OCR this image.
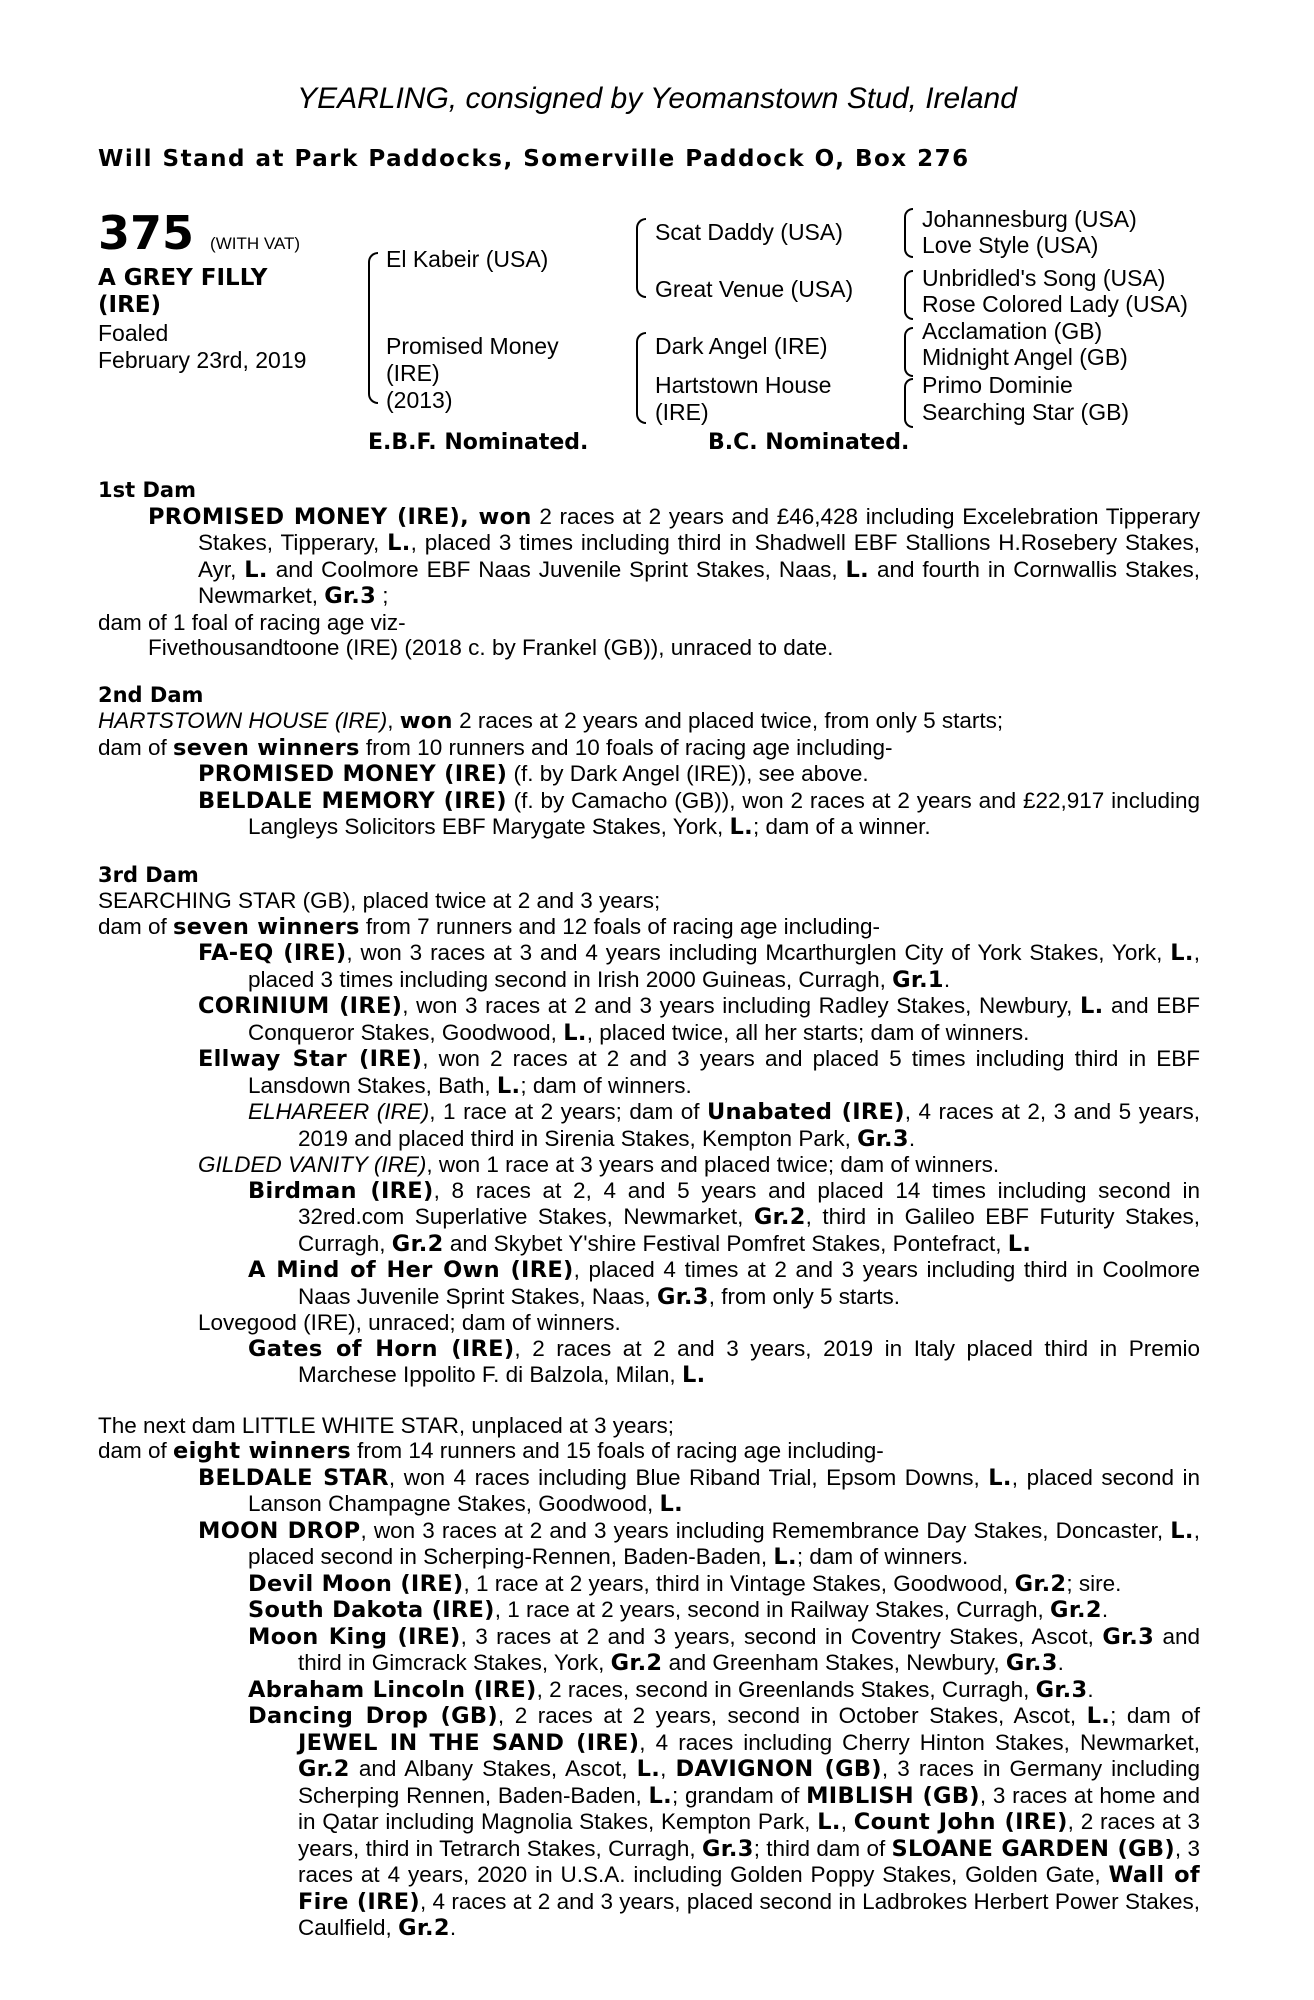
YEARLING, consigned by Yeomanstown Stud, Ireland
Will Stand at Park Paddocks, Somerville Paddock O, Box 276
375 (WITH VAT)
A GREY FILLY
(IRE)
Foaled
February 23rd, 2019
El Kabeir (USA)
Promised Money
(IRE)
(2013)
Scat Daddy (USA)
Great Venue (USA)
Dark Angel (IRE)
Hartstown House
(IRE)
Johannesburg (USA)
Love Style (USA)
Unbridled's Song (USA)
Rose Colored Lady (USA)
Acclamation (GB)
Midnight Angel (GB)
Primo Dominie
Searching Star (GB)
E.B.F. Nominated.	B.C. Nominated.
1st Dam
PROMISED MONEY (IRE), won 2 races at 2 years and £46,428 including Excelebration Tipperary Stakes, Tipperary, L., placed 3 times including third in Shadwell EBF Stallions H.Rosebery Stakes, Ayr, L. and Coolmore EBF Naas Juvenile Sprint Stakes, Naas, L. and fourth in Cornwallis Stakes, Newmarket, Gr.3 ;
dam of 1 foal of racing age viz-
Fivethousandtoone (IRE) (2018 c. by Frankel (GB)), unraced to date.
2nd Dam
HARTSTOWN HOUSE (IRE), won 2 races at 2 years and placed twice, from only 5 starts;
dam of seven winners from 10 runners and 10 foals of racing age including-
PROMISED MONEY (IRE) (f. by Dark Angel (IRE)), see above.
BELDALE MEMORY (IRE) (f. by Camacho (GB)), won 2 races at 2 years and £22,917 including Langleys Solicitors EBF Marygate Stakes, York, L.; dam of a winner.
3rd Dam
SEARCHING STAR (GB), placed twice at 2 and 3 years;
dam of seven winners from 7 runners and 12 foals of racing age including-
FA-EQ (IRE), won 3 races at 3 and 4 years including Mcarthurglen City of York Stakes, York, L., placed 3 times including second in Irish 2000 Guineas, Curragh, Gr.1.
CORINIUM (IRE), won 3 races at 2 and 3 years including Radley Stakes, Newbury, L. and EBF Conqueror Stakes, Goodwood, L., placed twice, all her starts; dam of winners.
Ellway Star (IRE), won 2 races at 2 and 3 years and placed 5 times including third in EBF Lansdown Stakes, Bath, L.; dam of winners.
ELHAREER (IRE), 1 race at 2 years; dam of Unabated (IRE), 4 races at 2, 3 and 5 years, 2019 and placed third in Sirenia Stakes, Kempton Park, Gr.3.
GILDED VANITY (IRE), won 1 race at 3 years and placed twice; dam of winners.
Birdman (IRE), 8 races at 2, 4 and 5 years and placed 14 times including second in 32red.com Superlative Stakes, Newmarket, Gr.2, third in Galileo EBF Futurity Stakes, Curragh, Gr.2 and Skybet Y'shire Festival Pomfret Stakes, Pontefract, L.
A Mind of Her Own (IRE), placed 4 times at 2 and 3 years including third in Coolmore Naas Juvenile Sprint Stakes, Naas, Gr.3, from only 5 starts.
Lovegood (IRE), unraced; dam of winners.
Gates of Horn (IRE), 2 races at 2 and 3 years, 2019 in Italy placed third in Premio Marchese Ippolito F. di Balzola, Milan, L.
The next dam LITTLE WHITE STAR, unplaced at 3 years;
dam of eight winners from 14 runners and 15 foals of racing age including-
BELDALE STAR, won 4 races including Blue Riband Trial, Epsom Downs, L., placed second in Lanson Champagne Stakes, Goodwood, L.
MOON DROP, won 3 races at 2 and 3 years including Remembrance Day Stakes, Doncaster, L., placed second in Scherping-Rennen, Baden-Baden, L.; dam of winners.
Devil Moon (IRE), 1 race at 2 years, third in Vintage Stakes, Goodwood, Gr.2; sire.
South Dakota (IRE), 1 race at 2 years, second in Railway Stakes, Curragh, Gr.2.
Moon King (IRE), 3 races at 2 and 3 years, second in Coventry Stakes, Ascot, Gr.3 and third in Gimcrack Stakes, York, Gr.2 and Greenham Stakes, Newbury, Gr.3.
Abraham Lincoln (IRE), 2 races, second in Greenlands Stakes, Curragh, Gr.3.
Dancing Drop (GB), 2 races at 2 years, second in October Stakes, Ascot, L.; dam of JEWEL IN THE SAND (IRE), 4 races including Cherry Hinton Stakes, Newmarket, Gr.2 and Albany Stakes, Ascot, L., DAVIGNON (GB), 3 races in Germany including Scherping Rennen, Baden-Baden, L.; grandam of MIBLISH (GB), 3 races at home and in Qatar including Magnolia Stakes, Kempton Park, L., Count John (IRE), 2 races at 3 years, third in Tetrarch Stakes, Curragh, Gr.3; third dam of SLOANE GARDEN (GB), 3 races at 4 years, 2020 in U.S.A. including Golden Poppy Stakes, Golden Gate, Wall of Fire (IRE), 4 races at 2 and 3 years, placed second in Ladbrokes Herbert Power Stakes, Caulfield, Gr.2.
